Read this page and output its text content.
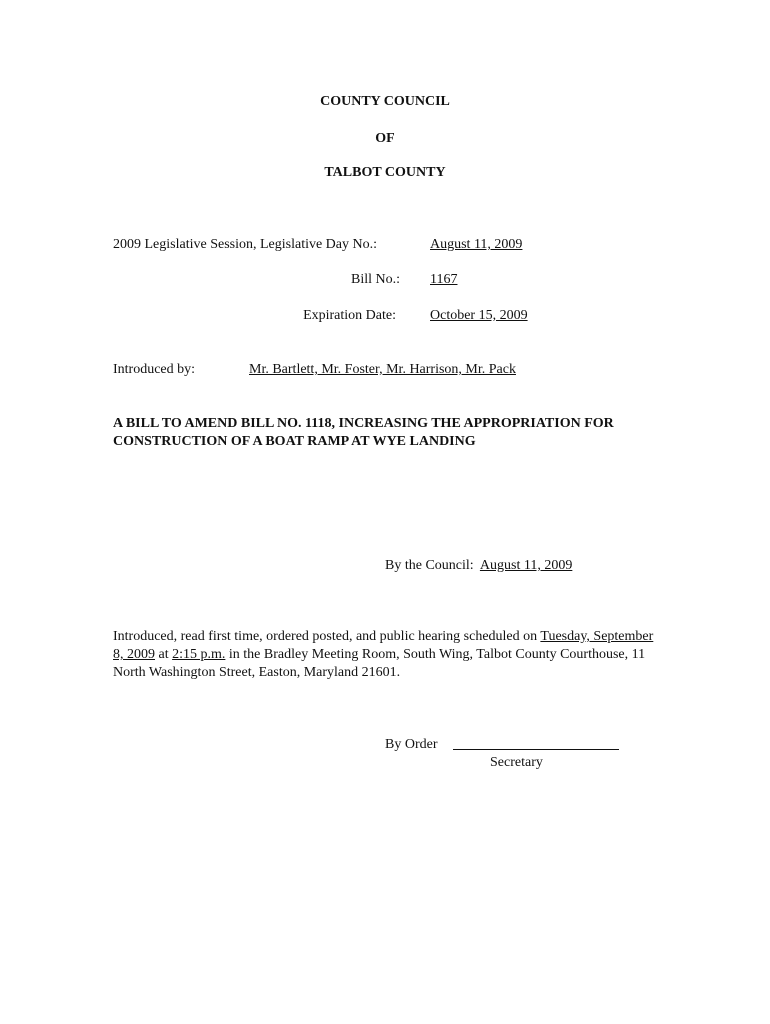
COUNTY COUNCIL
OF
TALBOT COUNTY
2009 Legislative Session, Legislative Day No.:	August 11, 2009
Bill No.: 1167
Expiration Date: October 15, 2009
Introduced by:	Mr. Bartlett, Mr. Foster, Mr. Harrison, Mr. Pack
A BILL TO AMEND BILL NO. 1118, INCREASING THE APPROPRIATION FOR CONSTRUCTION OF A BOAT RAMP AT WYE LANDING
By the Council: August 11, 2009
Introduced, read first time, ordered posted, and public hearing scheduled on Tuesday, September 8, 2009 at 2:15 p.m. in the Bradley Meeting Room, South Wing, Talbot County Courthouse, 11 North Washington Street, Easton, Maryland 21601.
By Order
Secretary
